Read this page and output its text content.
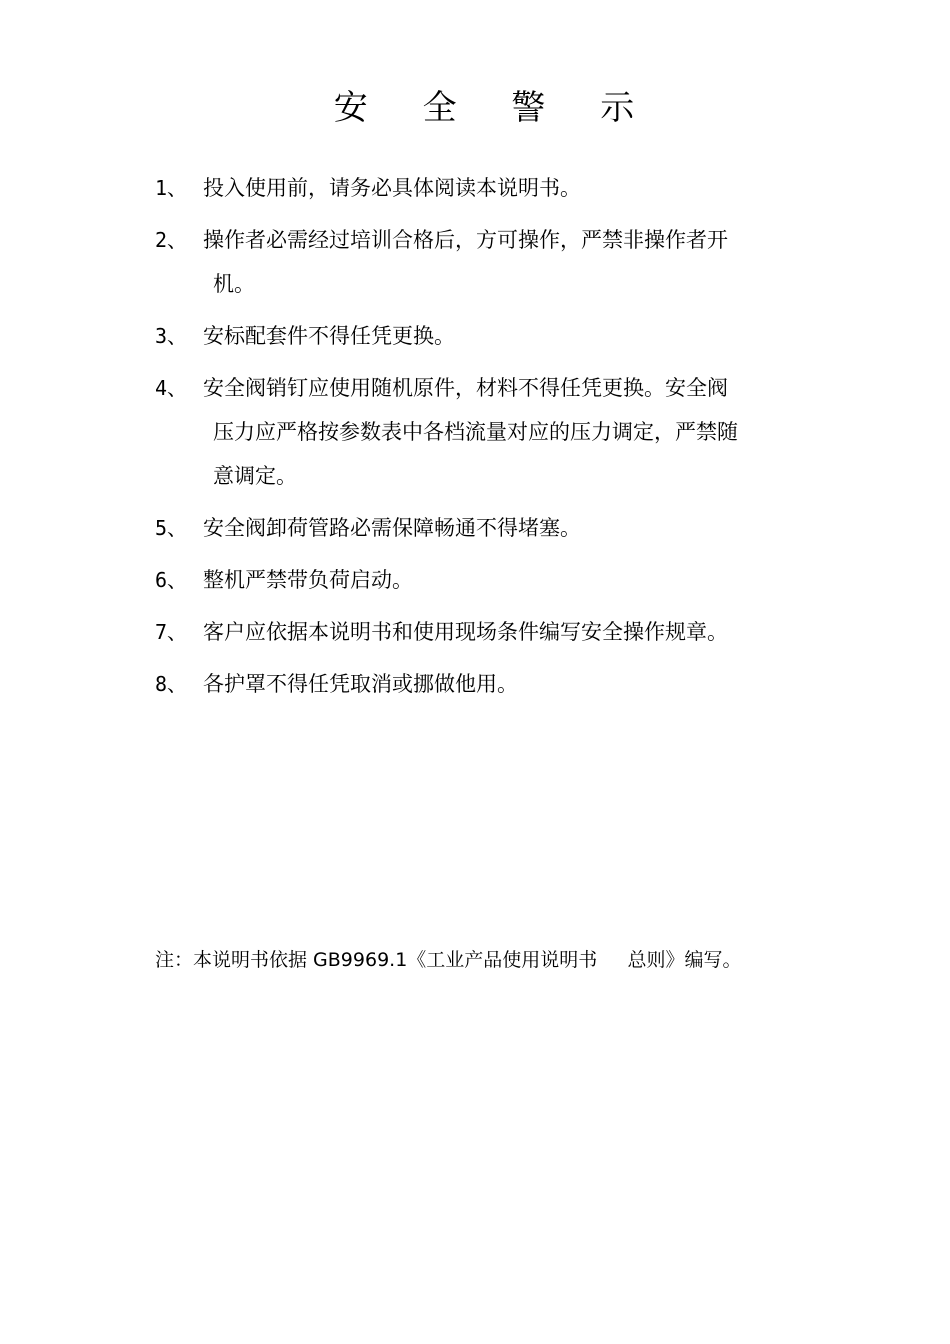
安 全 警 示
1、 投入使用前，请务必具体阅读本说明书。
2、 操作者必需经过培训合格后，方可操作，严禁非操作者开
机。
3、 安标配套件不得任凭更换。
4、 安全阀销钉应使用随机原件，材料不得任凭更换。安全阀
压力应严格按参数表中各档流量对应的压力调定，严禁随
意调定。
5、 安全阀卸荷管路必需保障畅通不得堵塞。
6、 整机严禁带负荷启动。
7、 客户应依据本说明书和使用现场条件编写安全操作规章。
8、 各护罩不得任凭取消或挪做他用。
注：本说明书依据 GB9969.1《工业产品使用说明书     总则》编写。
